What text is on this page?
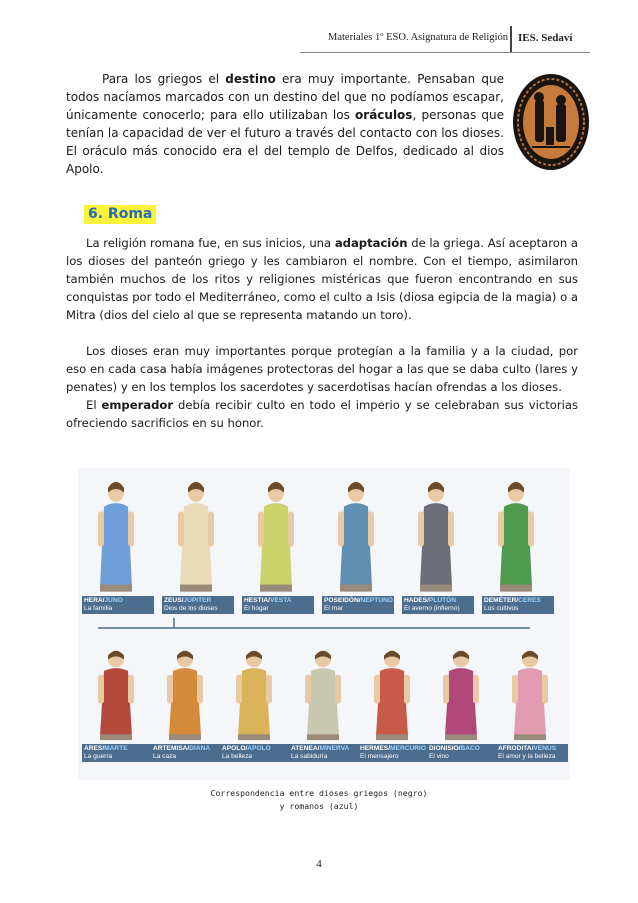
Materiales 1º ESO. Asignatura de Religión IES. Sedaví

Para los griegos el destino era muy importante. Pensaban que todos nacíamos marcados con un destino del que no podíamos escapar, únicamente conocerlo; para ello utilizaban los oráculos, personas que tenían la capacidad de ver el futuro a través del contacto con los dioses. El oráculo más conocido era el del templo de Delfos, dedicado al dios Apolo.

6. Roma

La religión romana fue, en sus inicios, una adaptación de la griega. Así aceptaron a los dioses del panteón griego y les cambiaron el nombre. Con el tiempo, asimilaron también muchos de los ritos y religiones mistéricas que fueron encontrando en sus conquistas por todo el Mediterráneo, como el culto a Isis (diosa egipcia de la magia) o a Mitra (dios del cielo al que se representa matando un toro).

Los dioses eran muy importantes porque protegían a la familia y a la ciudad, por eso en cada casa había imágenes protectoras del hogar a las que se daba culto (lares y penates) y en los templos los sacerdotes y sacerdotisas hacían ofrendas a los dioses.

El emperador debía recibir culto en todo el imperio y se celebraban sus victorias ofreciendo sacrificios en su honor.

HERA/JUNO
La familia
ZEUS/JÚPITER
Dios de los dioses
HESTIA/VESTA
El hogar
POSEIDÓN/NEPTUNO
El mar
HADES/PLUTÓN
El averno (infierno)
DEMÉTER/CERES
Los cultivos
ARES/MARTE
La guerra
ARTEMISA/DIANA
La caza
APOLO/APOLO
La belleza
ATENEA/MINERVA
La sabiduría
HERMES/MERCURIO
El mensajero
DIONISIO/BACO
El vino
AFRODITA/VENUS
El amor y la belleza
Correspondencia entre dioses griegos (negro)
y romanos (azul)
4
